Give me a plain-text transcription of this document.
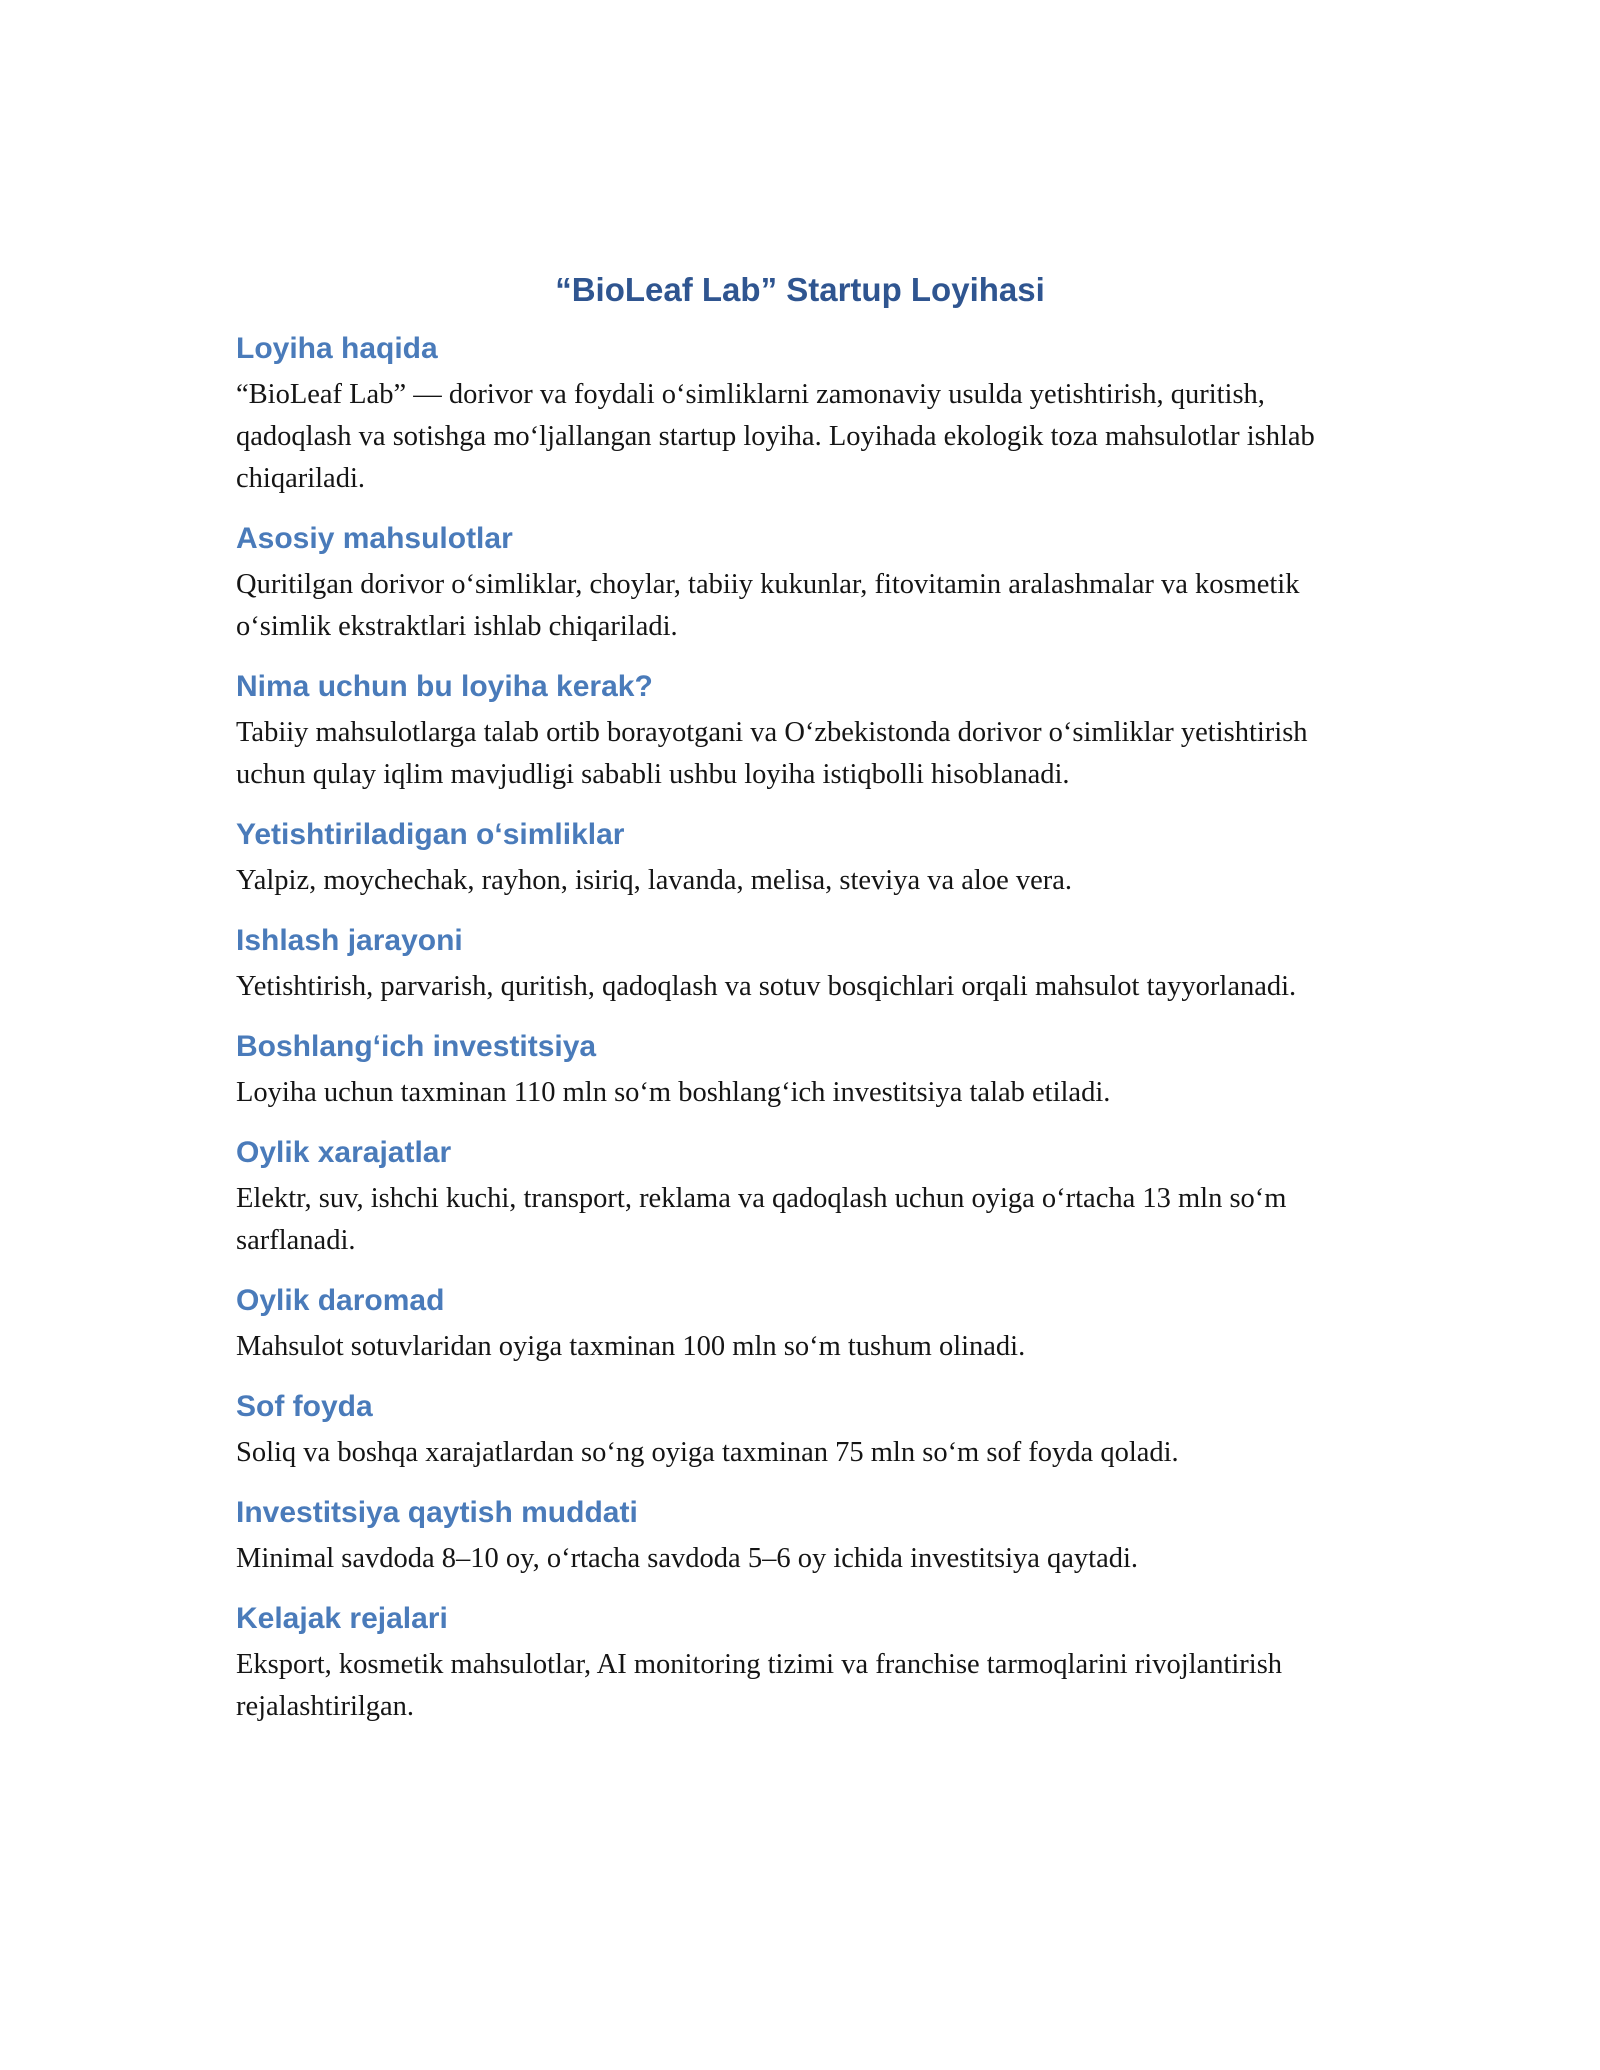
“BioLeaf Lab” Startup Loyihasi
Loyiha haqida

“BioLeaf Lab” — dorivor va foydali o‘simliklarni zamonaviy usulda yetishtirish, quritish, qadoqlash va sotishga mo‘ljallangan startup loyiha. Loyihada ekologik toza mahsulotlar ishlab chiqariladi.

Asosiy mahsulotlar

Quritilgan dorivor o‘simliklar, choylar, tabiiy kukunlar, fitovitamin aralashmalar va kosmetik o‘simlik ekstraktlari ishlab chiqariladi.

Nima uchun bu loyiha kerak?

Tabiiy mahsulotlarga talab ortib borayotgani va O‘zbekistonda dorivor o‘simliklar yetishtirish uchun qulay iqlim mavjudligi sababli ushbu loyiha istiqbolli hisoblanadi.

Yetishtiriladigan o‘simliklar

Yalpiz, moychechak, rayhon, isiriq, lavanda, melisa, steviya va aloe vera.

Ishlash jarayoni

Yetishtirish, parvarish, quritish, qadoqlash va sotuv bosqichlari orqali mahsulot tayyorlanadi.

Boshlang‘ich investitsiya

Loyiha uchun taxminan 110 mln so‘m boshlang‘ich investitsiya talab etiladi.

Oylik xarajatlar

Elektr, suv, ishchi kuchi, transport, reklama va qadoqlash uchun oyiga o‘rtacha 13 mln so‘m sarflanadi.

Oylik daromad

Mahsulot sotuvlaridan oyiga taxminan 100 mln so‘m tushum olinadi.

Sof foyda

Soliq va boshqa xarajatlardan so‘ng oyiga taxminan 75 mln so‘m sof foyda qoladi.

Investitsiya qaytish muddati

Minimal savdoda 8–10 oy, o‘rtacha savdoda 5–6 oy ichida investitsiya qaytadi.

Kelajak rejalari

Eksport, kosmetik mahsulotlar, AI monitoring tizimi va franchise tarmoqlarini rivojlantirish rejalashtirilgan.
